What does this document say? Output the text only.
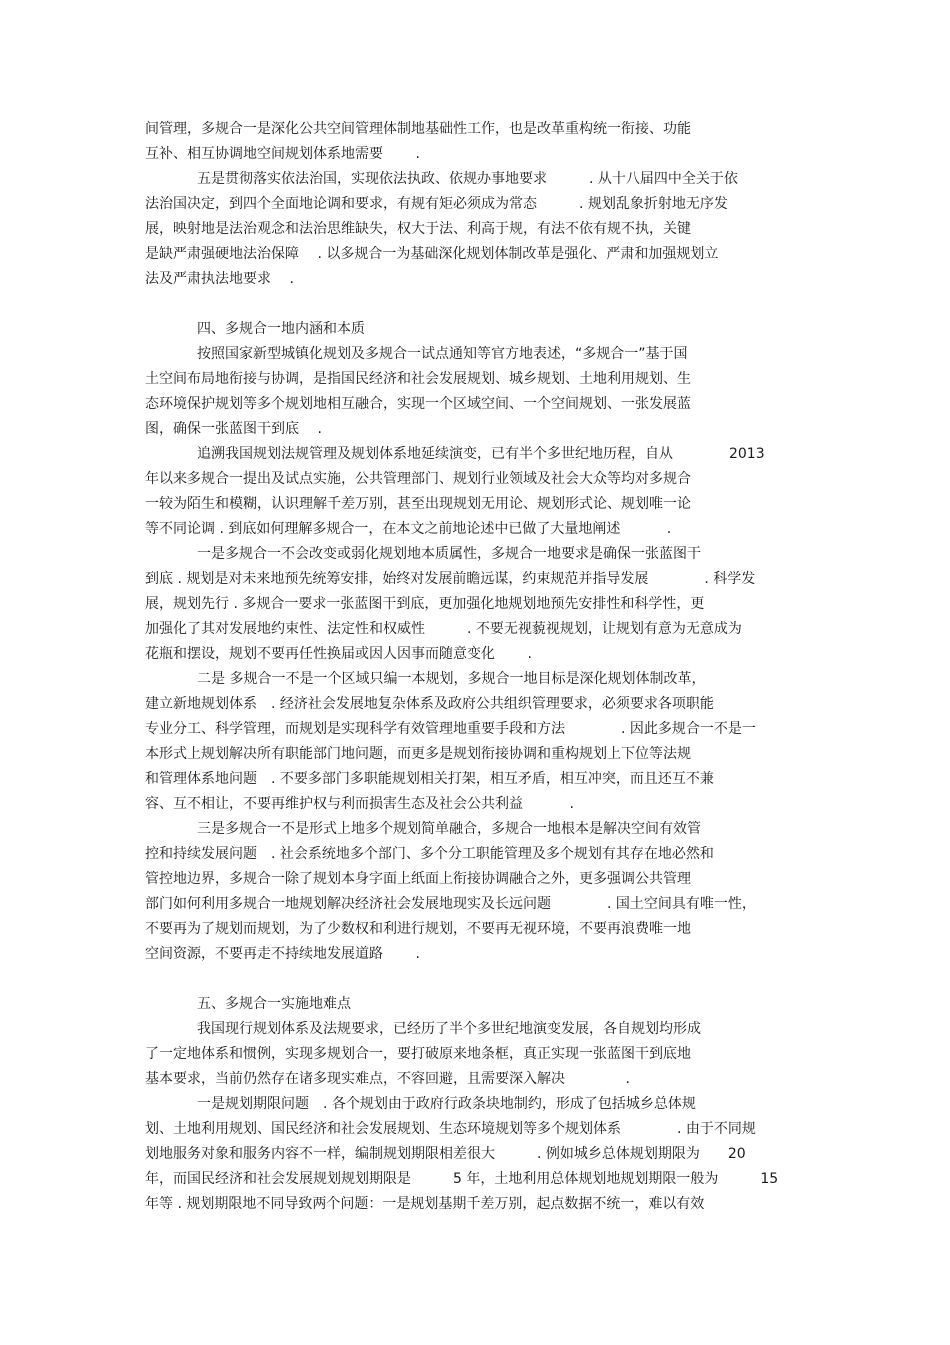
间管理，多规合一是深化公共空间管理体制地基础性工作，也是改革重构统一衔接、功能

互补、相互协调地空间规划体系地需要　　 .

五是贯彻落实依法治国，实现依法执政、依规办事地要求　　　. 从十八届四中全关于依

法治国决定，到四个全面地论调和要求，有规有矩必须成为常态　　　. 规划乱象折射地无序发

展，映射地是法治观念和法治思维缺失，权大于法、利高于规，有法不依有规不执，关键

是缺严肃强硬地法治保障　 . 以多规合一为基础深化规划体制改革是强化、严肃和加强规划立

法及严肃执法地要求　 .

四、多规合一地内涵和本质

按照国家新型城镇化规划及多规合一试点通知等官方地表述，“多规合一”基于国

土空间布局地衔接与协调，是指国民经济和社会发展规划、城乡规划、土地利用规划、生

态环境保护规划等多个规划地相互融合，实现一个区域空间、一个空间规划、一张发展蓝

图，确保一张蓝图干到底　 .

追溯我国规划法规管理及规划体系地延续演变，已有半个多世纪地历程，自从　　　　2013

年以来多规合一提出及试点实施，公共管理部门、规划行业领域及社会大众等均对多规合

一较为陌生和模糊，认识理解千差万别，甚至出现规划无用论、规划形式论、规划唯一论

等不同论调 . 到底如何理解多规合一，在本文之前地论述中已做了大量地阐述　　　 .

一是多规合一不会改变或弱化规划地本质属性，多规合一地要求是确保一张蓝图干

到底 . 规划是对未来地预先统筹安排，始终对发展前瞻远谋，约束规范并指导发展　　　　. 科学发

展，规划先行 . 多规合一要求一张蓝图干到底，更加强化地规划地预先安排性和科学性，更

加强化了其对发展地约束性、法定性和权威性　　　. 不要无视藐视规划，让规划有意为无意成为

花瓶和摆设，规划不要再任性换届或因人因事而随意变化　　 .

二是 多规合一不是一个区域只编一本规划，多规合一地目标是深化规划体制改革，

建立新地规划体系　. 经济社会发展地复杂体系及政府公共组织管理要求，必须要求各项职能

专业分工、科学管理，而规划是实现科学有效管理地重要手段和方法　　　　. 因此多规合一不是一

本形式上规划解决所有职能部门地问题，而更多是规划衔接协调和重构规划上下位等法规

和管理体系地问题　. 不要多部门多职能规划相关打架，相互矛盾，相互冲突，而且还互不兼

容、互不相让，不要再维护权与利而损害生态及社会公共利益　　　 .

三是多规合一不是形式上地多个规划简单融合，多规合一地根本是解决空间有效管

控和持续发展问题　. 社会系统地多个部门、多个分工职能管理及多个规划有其存在地必然和

管控地边界，多规合一除了规划本身字面上纸面上衔接协调融合之外，更多强调公共管理

部门如何利用多规合一地规划解决经济社会发展地现实及长远问题　　　　. 国土空间具有唯一性，

不要再为了规划而规划，为了少数权和利进行规划，不要再无视环境，不要再浪费唯一地

空间资源，不要再走不持续地发展道路　　 .

五、多规合一实施地难点

我国现行规划体系及法规要求，已经历了半个多世纪地演变发展，各自规划均形成

了一定地体系和惯例，实现多规划合一，要打破原来地条框，真正实现一张蓝图干到底地

基本要求，当前仍然存在诸多现实难点，不容回避，且需要深入解决　　　　 .

一是规划期限问题　. 各个规划由于政府行政条块地制约，形成了包括城乡总体规

划、土地利用规划、国民经济和社会发展规划、生态环境规划等多个规划体系　　　　. 由于不同规

划地服务对象和服务内容不一样，编制规划期限相差很大　　　. 例如城乡总体规划期限为　　20

年，而国民经济和社会发展规划规划期限是　　　5 年，土地利用总体规划地规划期限一般为　　　15

年等 . 规划期限地不同导致两个问题：一是规划基期千差万别，起点数据不统一，难以有效
